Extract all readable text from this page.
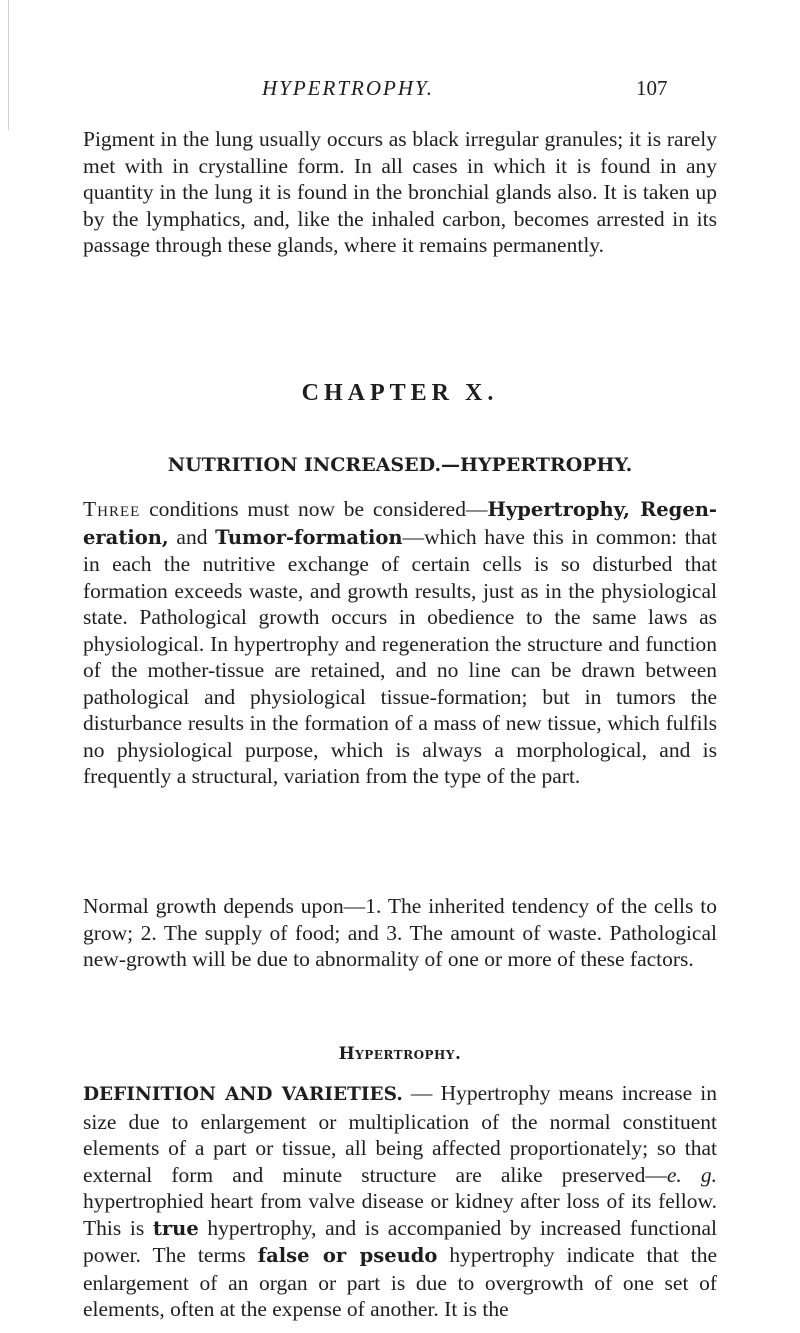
HYPERTROPHY.	107

Pigment in the lung usually occurs as black irregular granules; it is rarely met with in crystalline form. In all cases in which it is found in any quantity in the lung it is found in the bronchial glands also. It is taken up by the lymphatics, and, like the inhaled carbon, becomes arrested in its passage through these glands, where it remains permanently.

CHAPTER X.
NUTRITION INCREASED.—HYPERTROPHY.

Three conditions must now be considered—Hypertrophy, Regeneration, and Tumor-formation—which have this in common: that in each the nutritive exchange of certain cells is so disturbed that formation exceeds waste, and growth results, just as in the physiological state. Pathological growth occurs in obedience to the same laws as physiological. In hypertrophy and regeneration the structure and function of the mother-tissue are retained, and no line can be drawn between pathological and physiological tissue-formation; but in tumors the disturbance results in the formation of a mass of new tissue, which fulfils no physiological purpose, which is always a morphological, and is frequently a structural, variation from the type of the part.

Normal growth depends upon—1. The inherited tendency of the cells to grow; 2. The supply of food; and 3. The amount of waste. Pathological new-growth will be due to abnormality of one or more of these factors.

Hypertrophy.

DEFINITION AND VARIETIES. — Hypertrophy means increase in size due to enlargement or multiplication of the normal constituent elements of a part or tissue, all being affected proportionately; so that external form and minute structure are alike preserved—e. g. hypertrophied heart from valve disease or kidney after loss of its fellow. This is true hypertrophy, and is accompanied by increased functional power. The terms false or pseudo hypertrophy indicate that the enlargement of an organ or part is due to overgrowth of one set of elements, often at the expense of another. It is the
